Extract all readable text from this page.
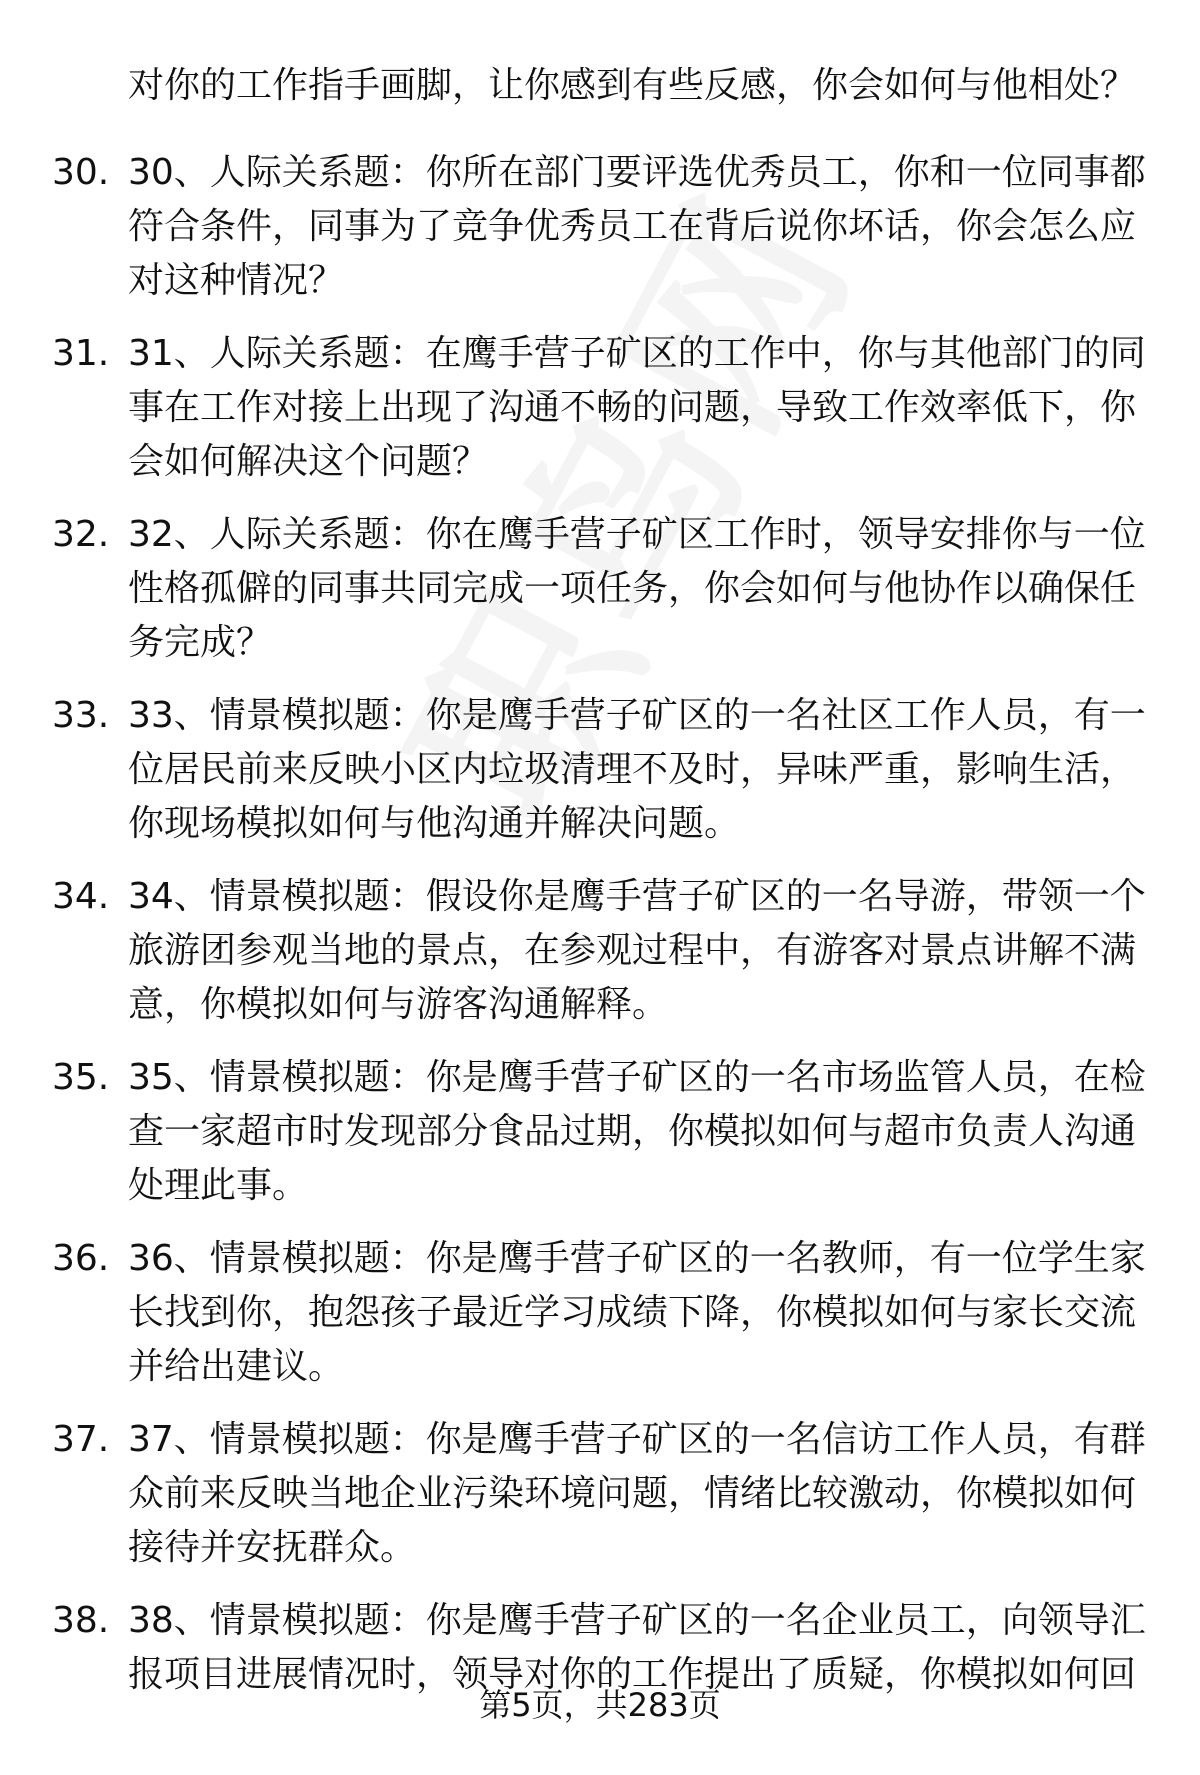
对你的工作指手画脚，让你感到有些反感，你会如何与他相处？

30. 30、人际关系题：你所在部门要评选优秀员工，你和一位同事都
符合条件，同事为了竞争优秀员工在背后说你坏话，你会怎么应
对这种情况？

31. 31、人际关系题：在鹰手营子矿区的工作中，你与其他部门的同
事在工作对接上出现了沟通不畅的问题，导致工作效率低下，你
会如何解决这个问题？

32. 32、人际关系题：你在鹰手营子矿区工作时，领导安排你与一位
性格孤僻的同事共同完成一项任务，你会如何与他协作以确保任
务完成？

33. 33、情景模拟题：你是鹰手营子矿区的一名社区工作人员，有一
位居民前来反映小区内垃圾清理不及时，异味严重，影响生活，
你现场模拟如何与他沟通并解决问题。

34. 34、情景模拟题：假设你是鹰手营子矿区的一名导游，带领一个
旅游团参观当地的景点，在参观过程中，有游客对景点讲解不满
意，你模拟如何与游客沟通解释。

35. 35、情景模拟题：你是鹰手营子矿区的一名市场监管人员，在检
查一家超市时发现部分食品过期，你模拟如何与超市负责人沟通
处理此事。

36. 36、情景模拟题：你是鹰手营子矿区的一名教师，有一位学生家
长找到你，抱怨孩子最近学习成绩下降，你模拟如何与家长交流
并给出建议。

37. 37、情景模拟题：你是鹰手营子矿区的一名信访工作人员，有群
众前来反映当地企业污染环境问题，情绪比较激动，你模拟如何
接待并安抚群众。

38. 38、情景模拟题：你是鹰手营子矿区的一名企业员工，向领导汇
报项目进展情况时，领导对你的工作提出了质疑，你模拟如何回

第5页，共283页
